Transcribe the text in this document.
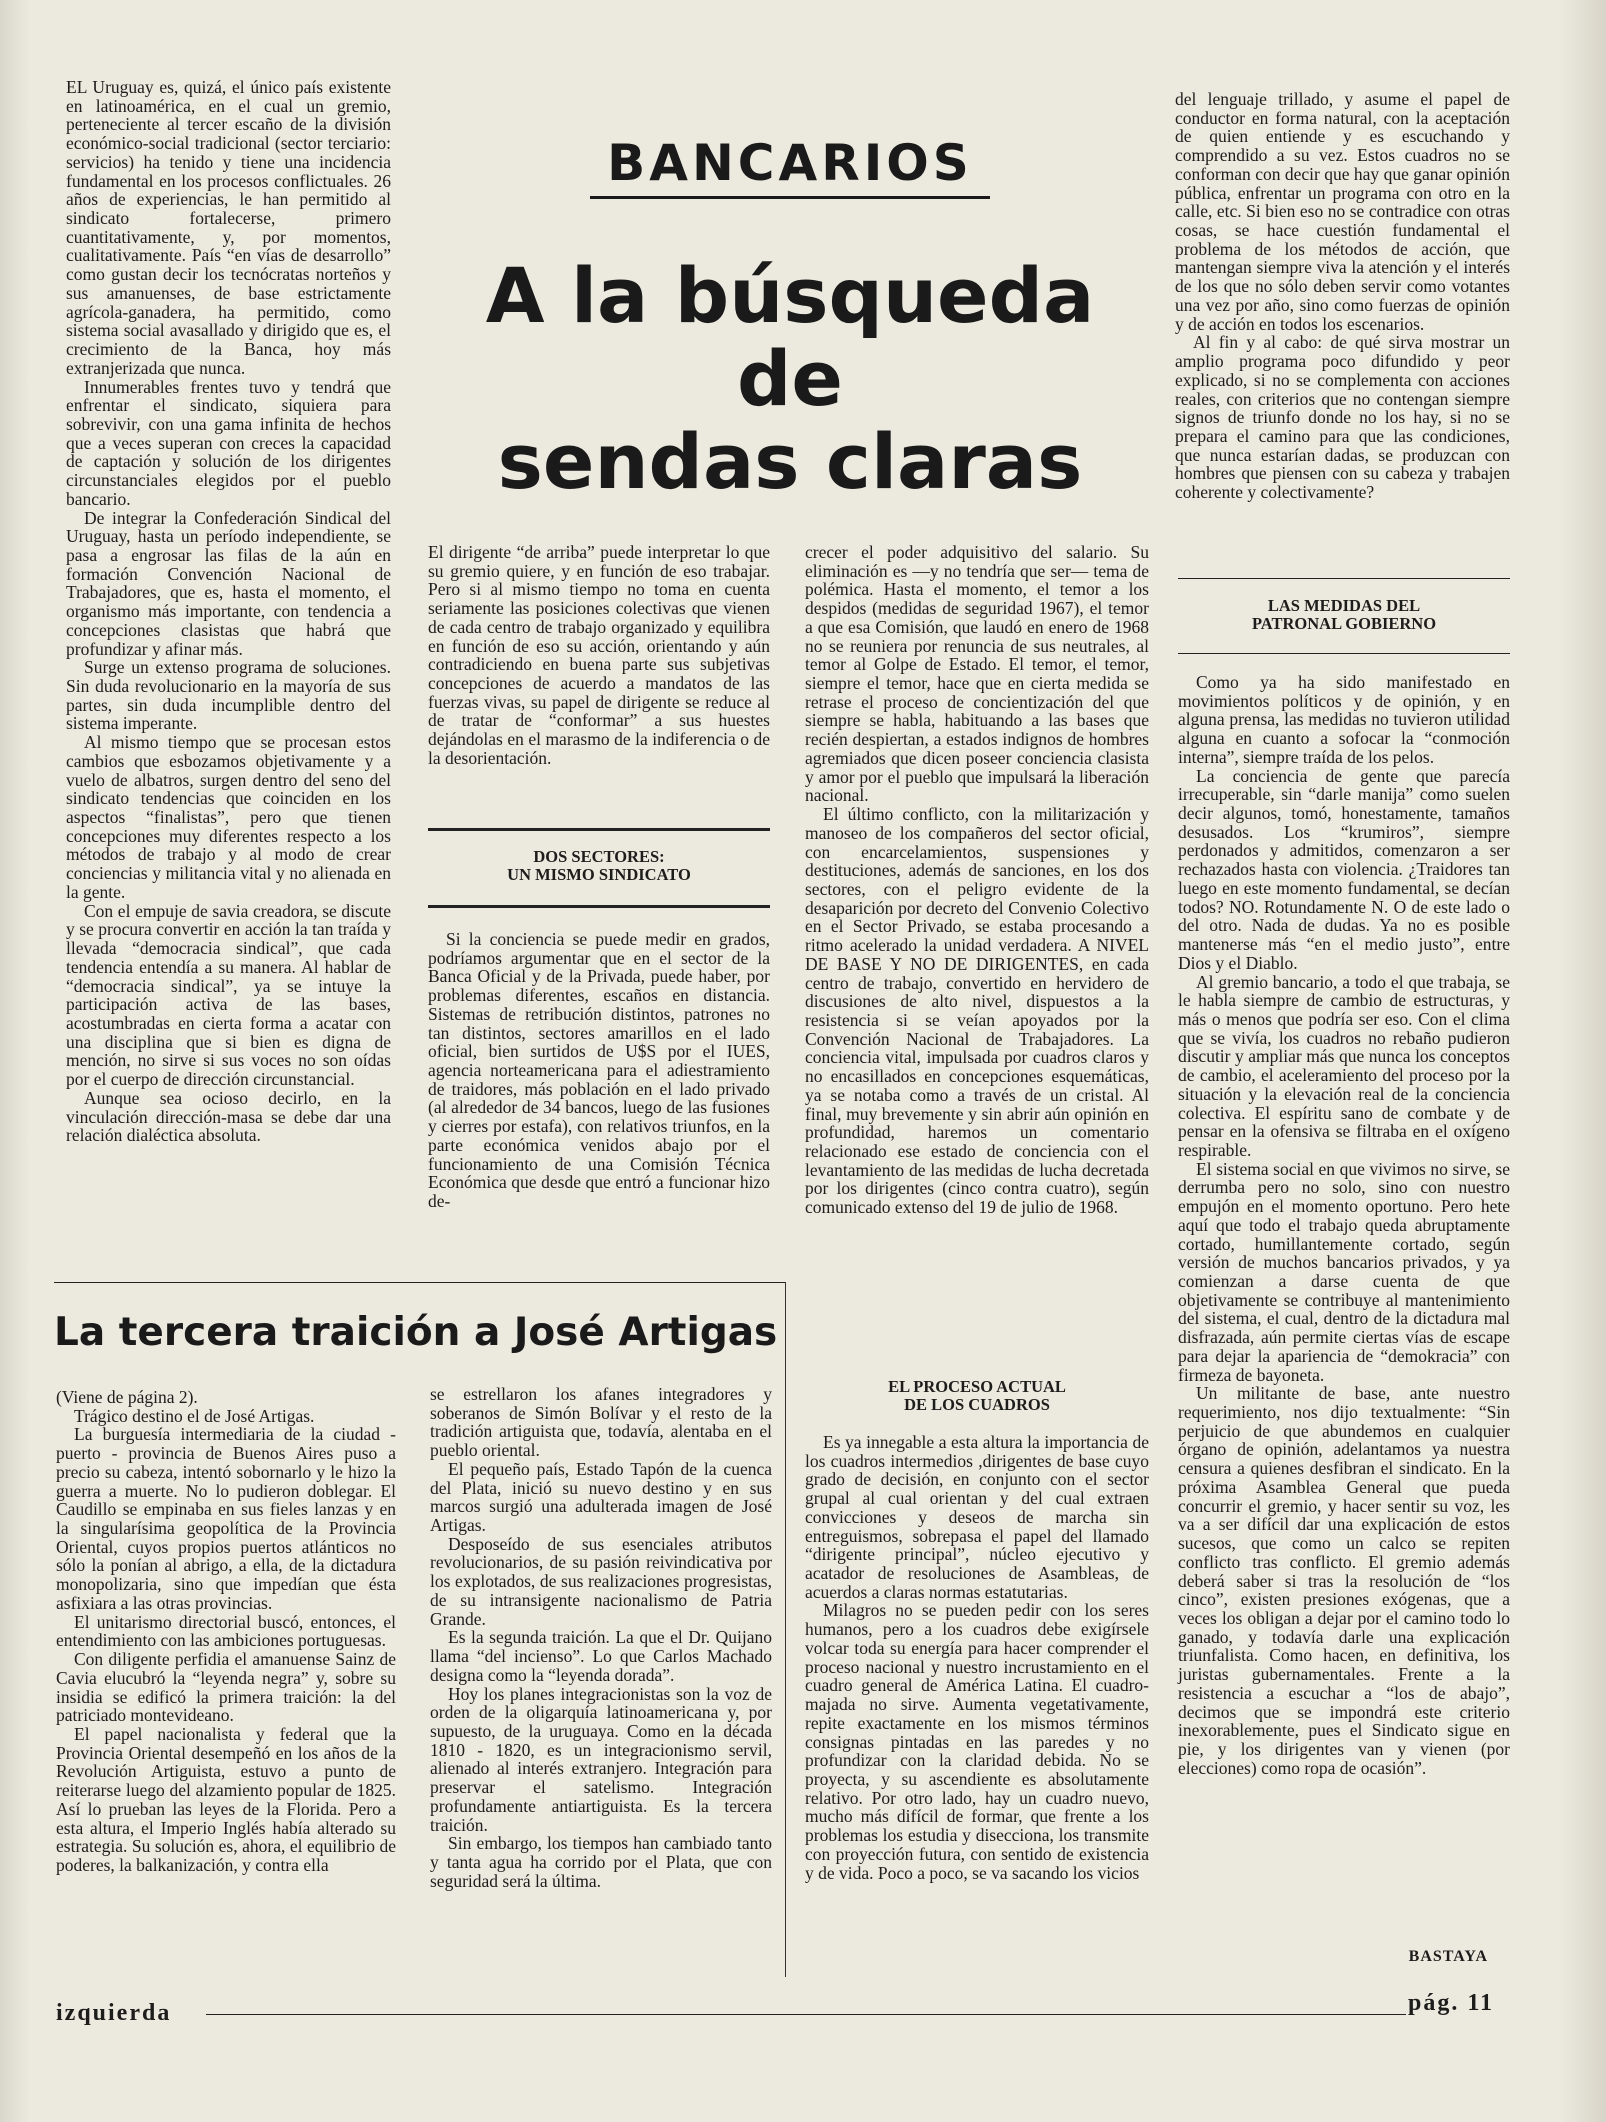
EL Uruguay es, quizá, el único país existente en latinoamérica, en el cual un gremio, perteneciente al tercer escaño de la división económico-social tradicional (sector terciario: servicios) ha tenido y tiene una incidencia fundamental en los procesos conflictuales. 26 años de experiencias, le han permitido al sindicato fortalecerse, primero cuantitativamente, y, por momentos, cualitativamente. País “en vías de desarrollo” como gustan decir los tecnócratas norteños y sus amanuenses, de base estrictamente agrícola-ganadera, ha permitido, como sistema social avasallado y dirigido que es, el crecimiento de la Banca, hoy más extranjerizada que nunca.

Innumerables frentes tuvo y tendrá que enfrentar el sindicato, siquiera para sobrevivir, con una gama infinita de hechos que a veces superan con creces la capacidad de captación y solución de los dirigentes circunstanciales elegidos por el pueblo bancario.

De integrar la Confederación Sindical del Uruguay, hasta un período independiente, se pasa a engrosar las filas de la aún en formación Convención Nacional de Trabajadores, que es, hasta el momento, el organismo más importante, con tendencia a concepciones clasistas que habrá que profundizar y afinar más.

Surge un extenso programa de soluciones. Sin duda revolucionario en la mayoría de sus partes, sin duda incumplible dentro del sistema imperante.

Al mismo tiempo que se procesan estos cambios que esbozamos objetivamente y a vuelo de albatros, surgen dentro del seno del sindicato tendencias que coinciden en los aspectos “finalistas”, pero que tienen concepciones muy diferentes respecto a los métodos de trabajo y al modo de crear conciencias y militancia vital y no alienada en la gente.

Con el empuje de savia creadora, se discute y se procura convertir en acción la tan traída y llevada “democracia sindical”, que cada tendencia entendía a su manera. Al hablar de “democracia sindical”, ya se intuye la participación activa de las bases, acostumbradas en cierta forma a acatar con una disciplina que si bien es digna de mención, no sirve si sus voces no son oídas por el cuerpo de dirección circunstancial.

Aunque sea ocioso decirlo, en la vinculación dirección-masa se debe dar una relación dialéctica absoluta.

BANCARIOS
A la búsqueda
de
sendas claras

El dirigente “de arriba” puede interpretar lo que su gremio quiere, y en función de eso trabajar. Pero si al mismo tiempo no toma en cuenta seriamente las posiciones colectivas que vienen de cada centro de trabajo organizado y equilibra en función de eso su acción, orientando y aún contradiciendo en buena parte sus subjetivas concepciones de acuerdo a mandatos de las fuerzas vivas, su papel de dirigente se reduce al de tratar de “conformar” a sus huestes dejándolas en el marasmo de la indiferencia o de la desorientación.

DOS SECTORES:
UN MISMO SINDICATO

Si la conciencia se puede medir en grados, podríamos argumentar que en el sector de la Banca Oficial y de la Privada, puede haber, por problemas diferentes, escaños en distancia. Sistemas de retribución distintos, patrones no tan distintos, sectores amarillos en el lado oficial, bien surtidos de U$S por el IUES, agencia norteamericana para el adiestramiento de traidores, más población en el lado privado (al alrededor de 34 bancos, luego de las fusiones y cierres por estafa), con relativos triunfos, en la parte económica venidos abajo por el funcionamiento de una Comisión Técnica Económica que desde que entró a funcionar hizo de-

crecer el poder adquisitivo del salario. Su eliminación es —y no tendría que ser— tema de polémica. Hasta el momento, el temor a los despidos (medidas de seguridad 1967), el temor a que esa Comisión, que laudó en enero de 1968 no se reuniera por renuncia de sus neutrales, al temor al Golpe de Estado. El temor, el temor, siempre el temor, hace que en cierta medida se retrase el proceso de concientización del que siempre se habla, habituando a las bases que recién despiertan, a estados indignos de hombres agremiados que dicen poseer conciencia clasista y amor por el pueblo que impulsará la liberación nacional.

El último conflicto, con la militarización y manoseo de los compañeros del sector oficial, con encarcelamientos, suspensiones y destituciones, además de sanciones, en los dos sectores, con el peligro evidente de la desaparición por decreto del Convenio Colectivo en el Sector Privado, se estaba procesando a ritmo acelerado la unidad verdadera. A NIVEL DE BASE Y NO DE DIRIGENTES, en cada centro de trabajo, convertido en hervidero de discusiones de alto nivel, dispuestos a la resistencia si se veían apoyados por la Convención Nacional de Trabajadores. La conciencia vital, impulsada por cuadros claros y no encasillados en concepciones esquemáticas, ya se notaba como a través de un cristal. Al final, muy brevemente y sin abrir aún opinión en profundidad, haremos un comentario relacionado ese estado de conciencia con el levantamiento de las medidas de lucha decretada por los dirigentes (cinco contra cuatro), según comunicado extenso del 19 de julio de 1968.

EL PROCESO ACTUAL
DE LOS CUADROS

Es ya innegable a esta altura la importancia de los cuadros intermedios ,dirigentes de base cuyo grado de decisión, en conjunto con el sector grupal al cual orientan y del cual extraen convicciones y deseos de marcha sin entreguismos, sobrepasa el papel del llamado “dirigente principal”, núcleo ejecutivo y acatador de resoluciones de Asambleas, de acuerdos a claras normas estatutarias.

Milagros no se pueden pedir con los seres humanos, pero a los cuadros debe exigírsele volcar toda su energía para hacer comprender el proceso nacional y nuestro incrustamiento en el cuadro general de América Latina. El cuadro-majada no sirve. Aumenta vegetativamente, repite exactamente en los mismos términos consignas pintadas en las paredes y no profundizar con la claridad debida. No se proyecta, y su ascendiente es absolutamente relativo. Por otro lado, hay un cuadro nuevo, mucho más difícil de formar, que frente a los problemas los estudia y disecciona, los transmite con proyección futura, con sentido de existencia y de vida. Poco a poco, se va sacando los vicios

del lenguaje trillado, y asume el papel de conductor en forma natural, con la aceptación de quien entiende y es escuchando y comprendido a su vez. Estos cuadros no se conforman con decir que hay que ganar opinión pública, enfrentar un programa con otro en la calle, etc. Si bien eso no se contradice con otras cosas, se hace cuestión fundamental el problema de los métodos de acción, que mantengan siempre viva la atención y el interés de los que no sólo deben servir como votantes una vez por año, sino como fuerzas de opinión y de acción en todos los escenarios.

Al fin y al cabo: de qué sirva mostrar un amplio programa poco difundido y peor explicado, si no se complementa con acciones reales, con criterios que no contengan siempre signos de triunfo donde no los hay, si no se prepara el camino para que las condiciones, que nunca estarían dadas, se produzcan con hombres que piensen con su cabeza y trabajen coherente y colectivamente?

LAS MEDIDAS DEL
PATRONAL GOBIERNO

Como ya ha sido manifestado en movimientos políticos y de opinión, y en alguna prensa, las medidas no tuvieron utilidad alguna en cuanto a sofocar la “conmoción interna”, siempre traída de los pelos.

La conciencia de gente que parecía irrecuperable, sin “darle manija” como suelen decir algunos, tomó, honestamente, tamaños desusados. Los “krumiros”, siempre perdonados y admitidos, comenzaron a ser rechazados hasta con violencia. ¿Traidores tan luego en este momento fundamental, se decían todos? NO. Rotundamente N. O de este lado o del otro. Nada de dudas. Ya no es posible mantenerse más “en el medio justo”, entre Dios y el Diablo.

Al gremio bancario, a todo el que trabaja, se le habla siempre de cambio de estructuras, y más o menos que podría ser eso. Con el clima que se vivía, los cuadros no rebaño pudieron discutir y ampliar más que nunca los conceptos de cambio, el aceleramiento del proceso por la situación y la elevación real de la conciencia colectiva. El espíritu sano de combate y de pensar en la ofensiva se filtraba en el oxígeno respirable.

El sistema social en que vivimos no sirve, se derrumba pero no solo, sino con nuestro empujón en el momento oportuno. Pero hete aquí que todo el trabajo queda abruptamente cortado, humillantemente cortado, según versión de muchos bancarios privados, y ya comienzan a darse cuenta de que objetivamente se contribuye al mantenimiento del sistema, el cual, dentro de la dictadura mal disfrazada, aún permite ciertas vías de escape para dejar la apariencia de “demokracia” con firmeza de bayoneta.

Un militante de base, ante nuestro requerimiento, nos dijo textualmente: “Sin perjuicio de que abundemos en cualquier órgano de opinión, adelantamos ya nuestra censura a quienes desfibran el sindicato. En la próxima Asamblea General que pueda concurrir el gremio, y hacer sentir su voz, les va a ser difícil dar una explicación de estos sucesos, que como un calco se repiten conflicto tras conflicto. El gremio además deberá saber si tras la resolución de “los cinco”, existen presiones exógenas, que a veces los obligan a dejar por el camino todo lo ganado, y todavía darle una explicación triunfalista. Como hacen, en definitiva, los juristas gubernamentales. Frente a la resistencia a escuchar a “los de abajo”, decimos que se impondrá este criterio inexorablemente, pues el Sindicato sigue en pie, y los dirigentes van y vienen (por elecciones) como ropa de ocasión”.

BASTAYA
La tercera traición a José Artigas

(Viene de página 2).

Trágico destino el de José Artigas.

La burguesía intermediaria de la ciudad - puerto - provincia de Buenos Aires puso a precio su cabeza, intentó sobornarlo y le hizo la guerra a muerte. No lo pudieron doblegar. El Caudillo se empinaba en sus fieles lanzas y en la singularísima geopolítica de la Provincia Oriental, cuyos propios puertos atlánticos no sólo la ponían al abrigo, a ella, de la dictadura monopolizaria, sino que impedían que ésta asfixiara a las otras provincias.

El unitarismo directorial buscó, entonces, el entendimiento con las ambiciones portuguesas.

Con diligente perfidia el amanuense Sainz de Cavia elucubró la “leyenda negra” y, sobre su insidia se edificó la primera traición: la del patriciado montevideano.

El papel nacionalista y federal que la Provincia Oriental desempeñó en los años de la Revolución Artiguista, estuvo a punto de reiterarse luego del alzamiento popular de 1825. Así lo prueban las leyes de la Florida. Pero a esta altura, el Imperio Inglés había alterado su estrategia. Su solución es, ahora, el equilibrio de poderes, la balkanización, y contra ella

se estrellaron los afanes integradores y soberanos de Simón Bolívar y el resto de la tradición artiguista que, todavía, alentaba en el pueblo oriental.

El pequeño país, Estado Tapón de la cuenca del Plata, inició su nuevo destino y en sus marcos surgió una adulterada imagen de José Artigas.

Desposeído de sus esenciales atributos revolucionarios, de su pasión reivindicativa por los explotados, de sus realizaciones progresistas, de su intransigente nacionalismo de Patria Grande.

Es la segunda traición. La que el Dr. Quijano llama “del incienso”. Lo que Carlos Machado designa como la “leyenda dorada”.

Hoy los planes integracionistas son la voz de orden de la oligarquía latinoamericana y, por supuesto, de la uruguaya. Como en la década 1810 - 1820, es un integracionismo servil, alienado al interés extranjero. Integración para preservar el satelismo. Integración profundamente antiartiguista. Es la tercera traición.

Sin embargo, los tiempos han cambiado tanto y tanta agua ha corrido por el Plata, que con seguridad será la última.

izquierda	pág. 11
